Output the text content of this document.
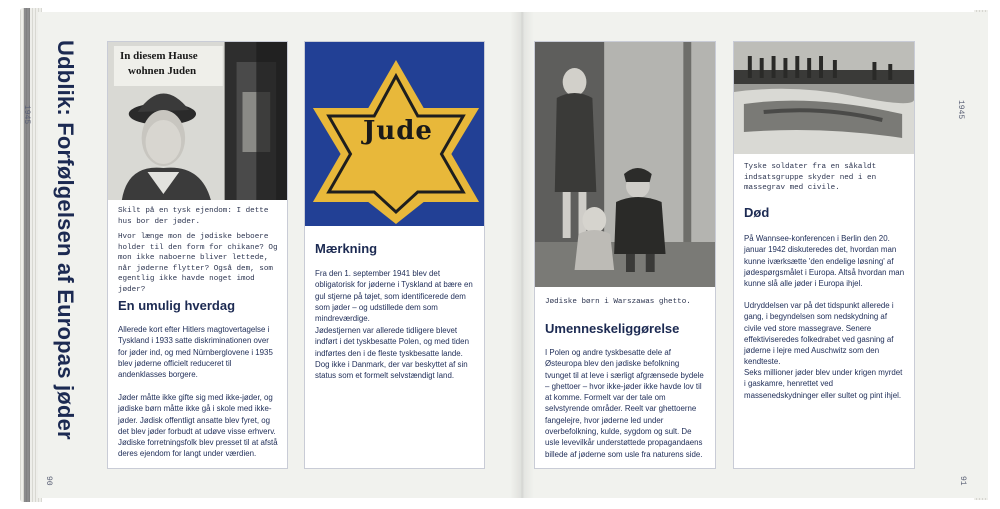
Udblik: Forfølgelsen af Europas jøder
1945	1945
90	91
In diesem Hause
wohnen Juden
Skilt på en tysk ejendom: I dette hus bor der jøder.
Hvor længe mon de jødiske beboere holder til den form for chikane? Og mon ikke naboerne bliver lettede, når jøderne flytter? Også dem, som egentlig ikke havde noget imod jøder?
En umulig hverdag
Allerede kort efter Hitlers magtovertagelse i Tyskland i 1933 satte diskriminationen over for jøder ind, og med Nürnberglovene i 1935 blev jøderne officielt reduceret til andenklasses borgere.
Jøder måtte ikke gifte sig med ikke-jøder, og jødiske børn måtte ikke gå i skole med ikke-jøder. Jødisk offentligt ansatte blev fyret, og det blev jøder forbudt at udøve visse erhverv. Jødiske forretningsfolk blev presset til at afstå deres ejendom for langt under værdien.
Jude
Mærkning
Fra den 1. september 1941 blev det obligatorisk for jøderne i Tyskland at bære en gul stjerne på tøjet, som identificerede dem som jøder – og udstillede dem som mindreværdige.
Jødestjernen var allerede tidligere blevet indført i det tyskbesatte Polen, og med tiden indførtes den i de fleste tyskbesatte lande. Dog ikke i Danmark, der var beskyttet af sin status som et formelt selvstændigt land.
Jødiske børn i Warszawas ghetto.
Umenneskeliggørelse
I Polen og andre tyskbesatte dele af Østeuropa blev den jødiske befolkning tvunget til at leve i særligt afgrænsede bydele – ghettoer – hvor ikke-jøder ikke havde lov til at komme. Formelt var der tale om selvstyrende områder. Reelt var ghettoerne fangelejre, hvor jøderne led under overbefolkning, kulde, sygdom og sult. De usle levevilkår understøttede propagandaens billede af jøderne som usle fra naturens side.
Tyske soldater fra en såkaldt indsatsgruppe skyder ned i en massegrav med civile.
Død
På Wannsee-konferencen i Berlin den 20. januar 1942 diskuteredes det, hvordan man kunne iværksætte 'den endelige løsning' af jødespørgsmålet i Europa. Altså hvordan man kunne slå alle jøder i Europa ihjel.
Udryddelsen var på det tidspunkt allerede i gang, i begyndelsen som nedskydning af civile ved store massegrave. Senere effektiviseredes folkedrabet ved gasning af jøderne i lejre med Auschwitz som den kendteste.
Seks millioner jøder blev under krigen myrdet i gaskamre, henrettet ved massenedskydninger eller sultet og pint ihjel.
